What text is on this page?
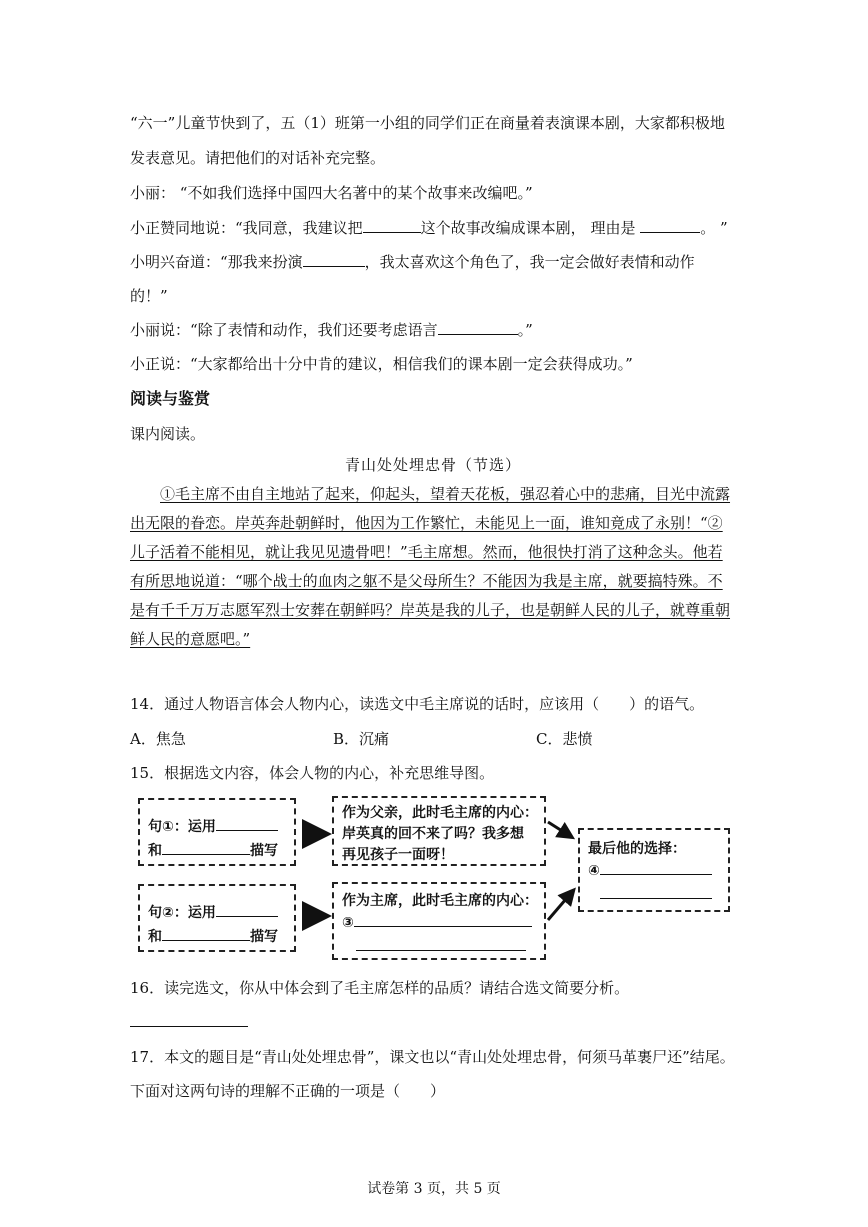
“六一”儿童节快到了，五（1）班第一小组的同学们正在商量着表演课本剧，大家都积极地
发表意见。请把他们的对话补充完整。
小丽： “不如我们选择中国四大名著中的某个故事来改编吧。”
小正赞同地说：“我同意，我建议把	这个故事改编成课本剧， 理由是	。 ”
小明兴奋道：“那我来扮演	，我太喜欢这个角色了，我一定会做好表情和动作
的！”
小丽说：“除了表情和动作，我们还要考虑语言	。”
小正说：“大家都给出十分中肯的建议，相信我们的课本剧一定会获得成功。”
阅读与鉴赏
课内阅读。
青山处处埋忠骨（节选）

①毛主席不由自主地站了起来，仰起头，望着天花板，强忍着心中的悲痛，目光中流露出无限的眷恋。岸英奔赴朝鲜时，他因为工作繁忙，未能见上一面，谁知竟成了永别！“②儿子活着不能相见，就让我见见遗骨吧！”毛主席想。然而，他很快打消了这种念头。他若有所思地说道：“哪个战士的血肉之躯不是父母所生？不能因为我是主席，就要搞特殊。不是有千千万万志愿军烈士安葬在朝鲜吗？岸英是我的儿子，也是朝鲜人民的儿子，就尊重朝鲜人民的意愿吧。”

14．通过人物语言体会人物内心，读选文中毛主席说的话时，应该用（　　）的语气。
A．焦急	B．沉痛	C．悲愤
15．根据选文内容，体会人物的内心，补充思维导图。
句①：运用
和	描写
句②：运用
和	描写
作为父亲，此时毛主席的内心：
岸英真的回不来了吗？我多想
再见孩子一面呀！
作为主席，此时毛主席的内心：
③
最后他的选择：
④
16．读完选文，你从中体会到了毛主席怎样的品质？请结合选文简要分析。
17．本文的题目是“青山处处埋忠骨”，课文也以“青山处处埋忠骨，何须马革裹尸还”结尾。
下面对这两句诗的理解不正确的一项是（　　）
试卷第 3 页，共 5 页
